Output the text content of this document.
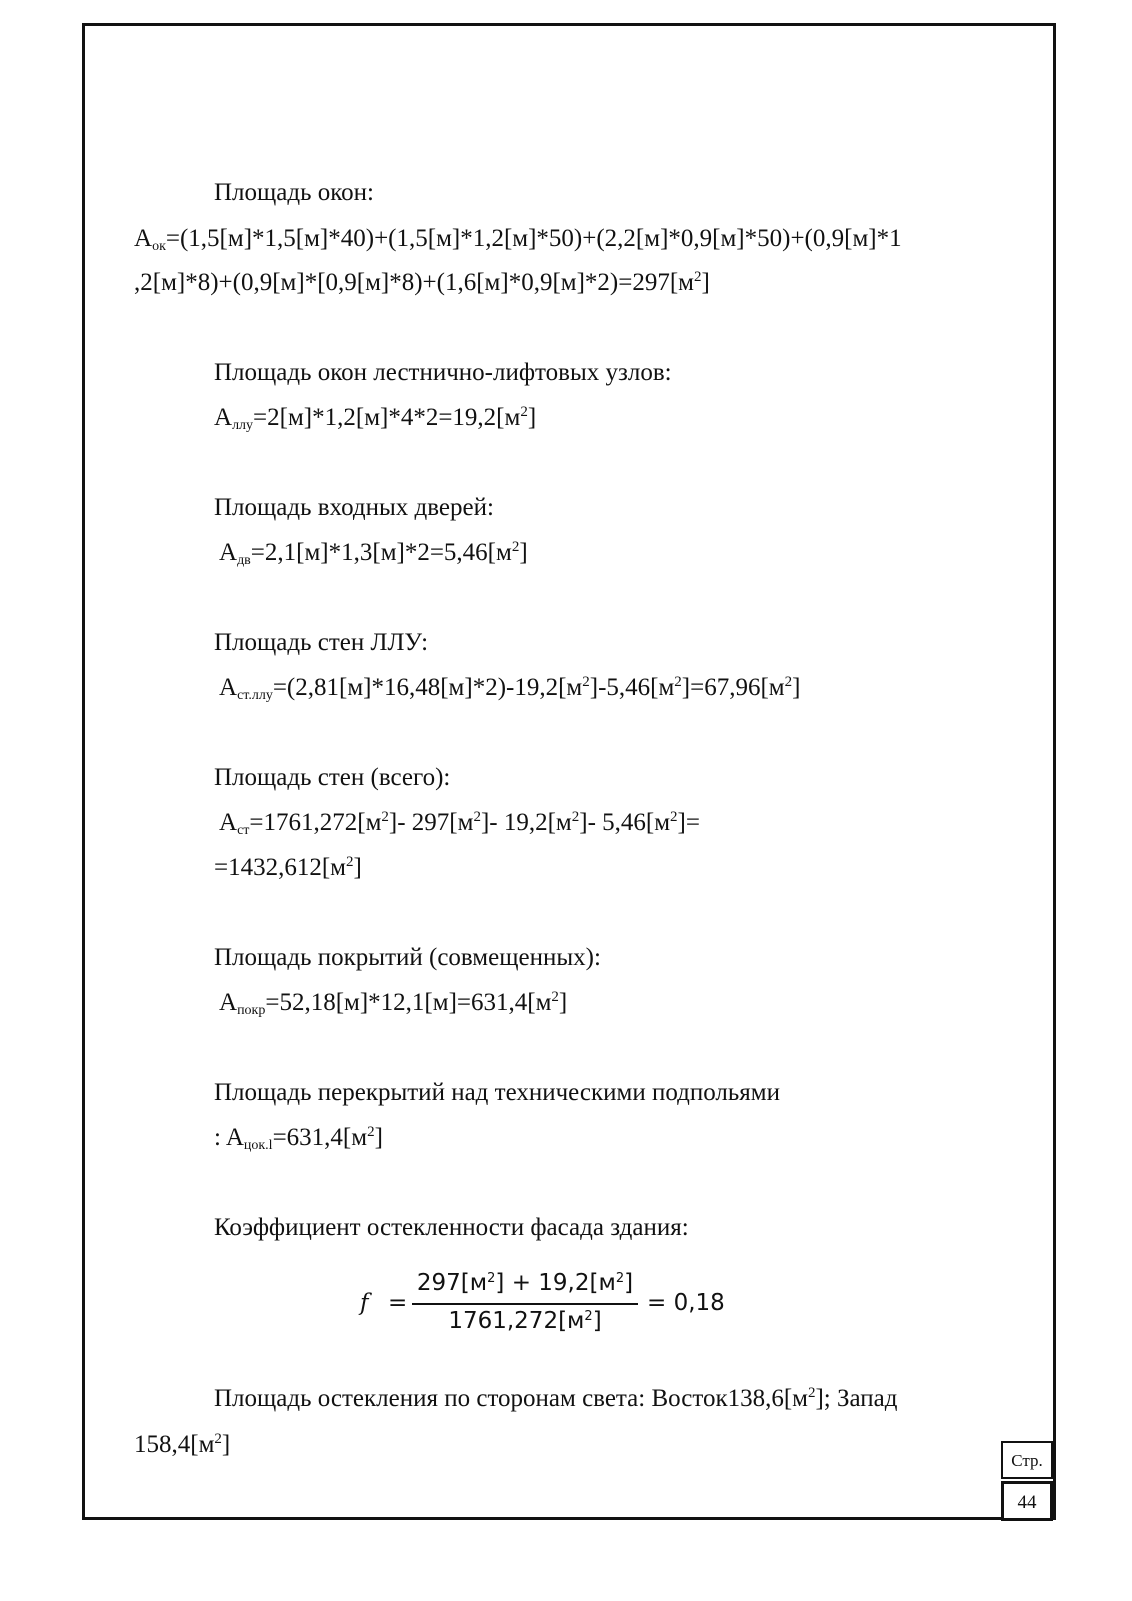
Площадь окон:
$A_{ок}=(1,5[м]*1,5[м]*40)+(1,5[м]*1,2[м]*50)+(2,2[м]*0,9[м]*50)+(0,9[м]*1$
$,2[м]*8)+(0,9[м]*[0,9[м]*8)+(1,6[м]*0,9[м]*2)=297[м^2]$
Площадь окон лестнично-лифтовых узлов:
$A_{ллу}=2[м]*1,2[м]*4*2=19,2[м^2]$
Площадь входных дверей:
$A_{дв}=2,1[м]*1,3[м]*2=5,46[м^2]$
Площадь стен ЛЛУ:
$A_{ст.ллу}=(2,81[м]*16,48[м]*2)-19,2[м^2]-5,46[м^2]=67,96[м^2]$
Площадь стен (всего):
$A_{ст}=1761,272[м^2]-$ $297[м^2]-$ $19,2[м^2]-$ $5,46[м^2]=$
$=1432,612[м^2]$
Площадь покрытий (совмещенных):
$A_{покр}=52,18[м]*12,1[м]=631,4[м^2]$
Площадь перекрытий над техническими подпольями
: $A_{цок.l}=631,4[м^2]$
Коэффициент остекленности фасада здания:
f =
$297[м^2] + 19,2[м^2]$
$1761,272[м^2]$
= 0,18
Площадь остекления по сторонам света: $Восток138,6[м^2]$; Запад
$158,4[м^2]$
Стр.
44
